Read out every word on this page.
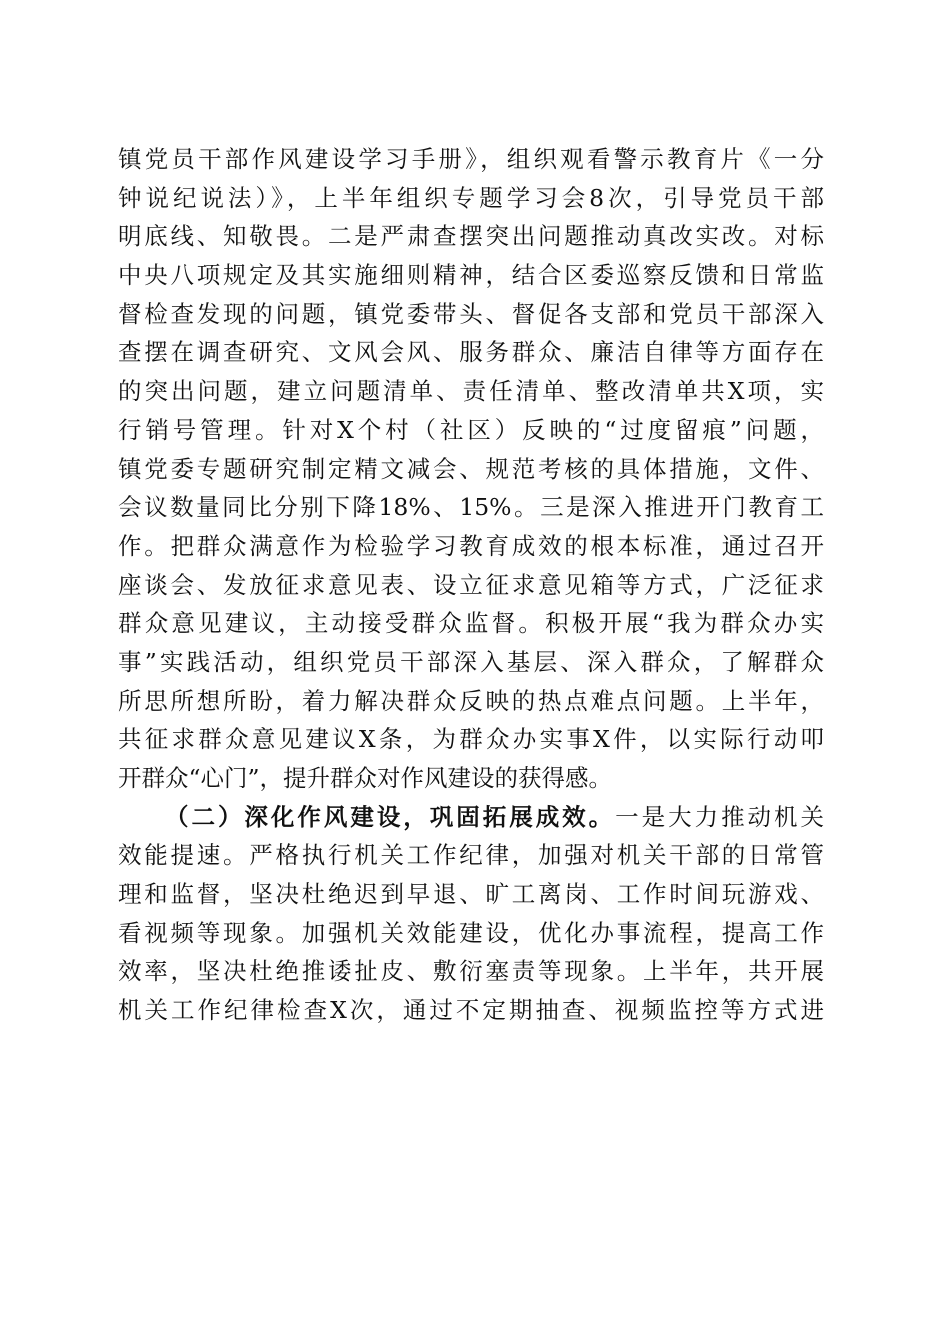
镇党员干部作风建设学习手册》，组织观看警示教育片《一分
钟说纪说法）》，上半年组织专题学习会8次，引导党员干部
明底线、知敬畏。二是严肃查摆突出问题推动真改实改。对标
中央八项规定及其实施细则精神，结合区委巡察反馈和日常监
督检查发现的问题，镇党委带头、督促各支部和党员干部深入
查摆在调查研究、文风会风、服务群众、廉洁自律等方面存在
的突出问题，建立问题清单、责任清单、整改清单共X项，实
行销号管理。针对X个村（社区）反映的“过度留痕”问题，
镇党委专题研究制定精文减会、规范考核的具体措施，文件、
会议数量同比分别下降18%、15%。三是深入推进开门教育工
作。把群众满意作为检验学习教育成效的根本标准，通过召开
座谈会、发放征求意见表、设立征求意见箱等方式，广泛征求
群众意见建议，主动接受群众监督。积极开展“我为群众办实
事”实践活动，组织党员干部深入基层、深入群众，了解群众
所思所想所盼，着力解决群众反映的热点难点问题。上半年，
共征求群众意见建议X条，为群众办实事X件，以实际行动叩
开群众“心门”，提升群众对作风建设的获得感。
（二）深化作风建设，巩固拓展成效。一是大力推动机关
效能提速。严格执行机关工作纪律，加强对机关干部的日常管
理和监督，坚决杜绝迟到早退、旷工离岗、工作时间玩游戏、
看视频等现象。加强机关效能建设，优化办事流程，提高工作
效率，坚决杜绝推诿扯皮、敷衍塞责等现象。上半年，共开展
机关工作纪律检查X次，通过不定期抽查、视频监控等方式进
